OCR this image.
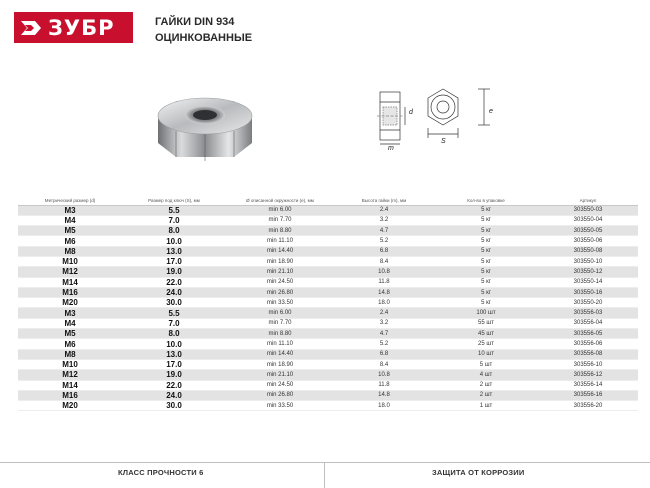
ЗУБР	ГАЙКИ DIN 934
ОЦИНКОВАННЫЕ
d
m
S
e
Метрический размер (d)	Размер под ключ (S), мм	Ø описанной окружности (e), мм	Высота гайки (m), мм	Кол-во в упаковке	Артикул
M3	5.5	min 6.00	2.4	5 кг	303550-03
M4	7.0	min 7.70	3.2	5 кг	303550-04
M5	8.0	min 8.80	4.7	5 кг	303550-05
M6	10.0	min 11.10	5.2	5 кг	303550-06
M8	13.0	min 14.40	6.8	5 кг	303550-08
M10	17.0	min 18.90	8.4	5 кг	303550-10
M12	19.0	min 21.10	10.8	5 кг	303550-12
M14	22.0	min 24.50	11.8	5 кг	303550-14
M16	24.0	min 26.80	14.8	5 кг	303550-16
M20	30.0	min 33.50	18.0	5 кг	303550-20
M3	5.5	min 6.00	2.4	100 шт	303556-03
M4	7.0	min 7.70	3.2	55 шт	303556-04
M5	8.0	min 8.80	4.7	45 шт	303556-05
M6	10.0	min 11.10	5.2	25 шт	303556-06
M8	13.0	min 14.40	6.8	10 шт	303556-08
M10	17.0	min 18.90	8.4	5 шт	303556-10
M12	19.0	min 21.10	10.8	4 шт	303556-12
M14	22.0	min 24.50	11.8	2 шт	303556-14
M16	24.0	min 26.80	14.8	2 шт	303556-16
M20	30.0	min 33.50	18.0	1 шт	303556-20
КЛАСС ПРОЧНОСТИ 6	ЗАЩИТА ОТ КОРРОЗИИ
